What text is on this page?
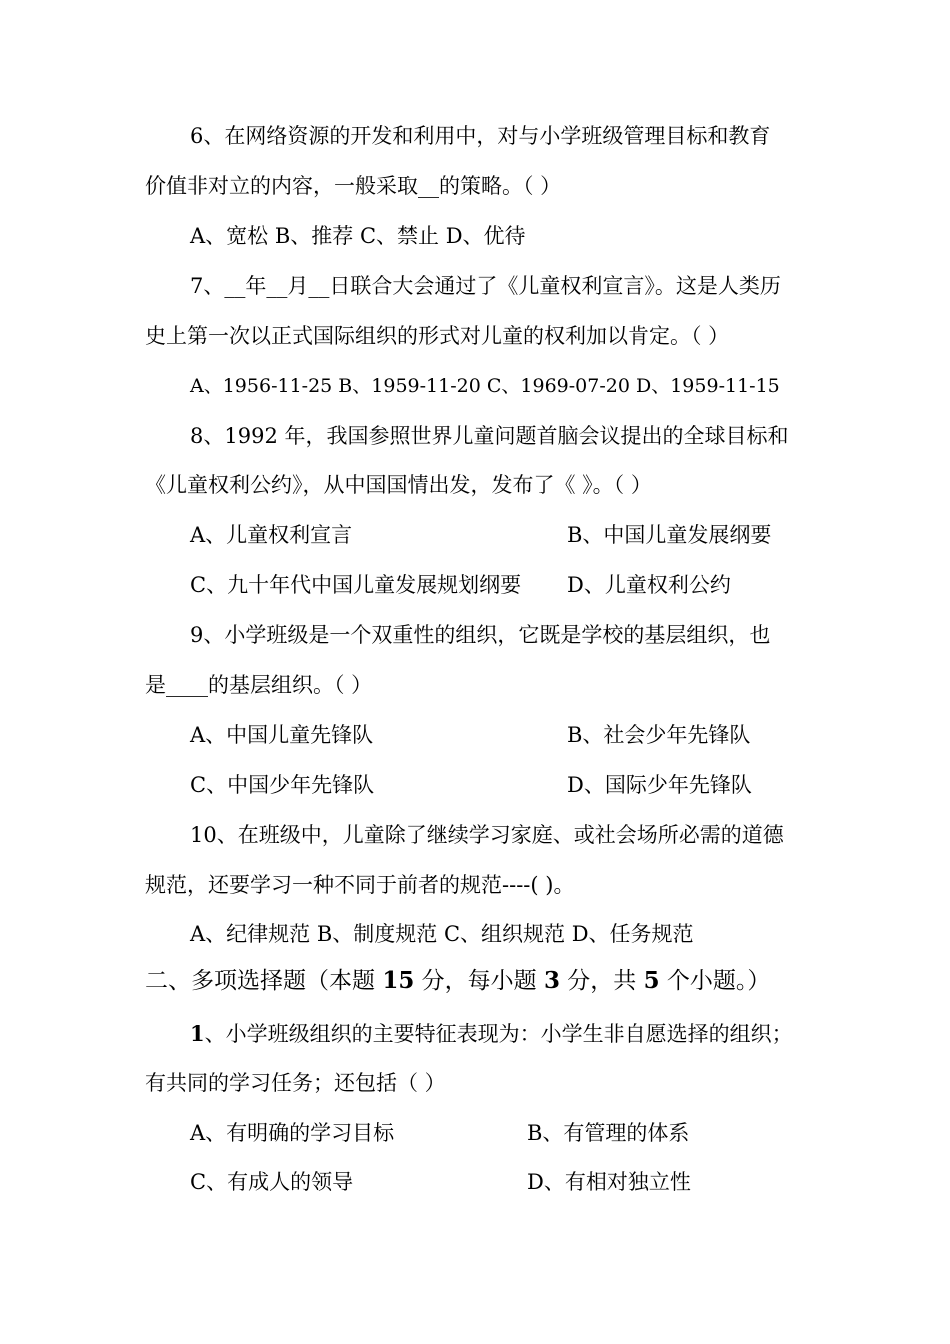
6、在网络资源的开发和利用中，对与小学班级管理目标和教育
价值非对立的内容，一般采取__的策略。（ ）
A、宽松 B、推荐 C、禁止 D、优待
7、__年__月__日联合大会通过了《儿童权利宣言》。这是人类历
史上第一次以正式国际组织的形式对儿童的权利加以肯定。（ ）
A、1956-11-25 B、1959-11-20 C、1969-07-20 D、1959-11-15
8、1992 年，我国参照世界儿童问题首脑会议提出的全球目标和
《儿童权利公约》，从中国国情出发，发布了《 》。（ ）
A、儿童权利宣言	B、中国儿童发展纲要
C、九十年代中国儿童发展规划纲要 D、儿童权利公约
9、小学班级是一个双重性的组织，它既是学校的基层组织，也
是____的基层组织。（ ）
A、中国儿童先锋队	B、社会少年先锋队
C、中国少年先锋队	D、国际少年先锋队
10、在班级中，儿童除了继续学习家庭、或社会场所必需的道德
规范，还要学习一种不同于前者的规范----( )。
A、纪律规范 B、制度规范 C、组织规范 D、任务规范
二、多项选择题（本题 15 分，每小题 3 分，共 5 个小题。）
1、小学班级组织的主要特征表现为：小学生非自愿选择的组织；
有共同的学习任务；还包括（ ）
A、有明确的学习目标	B、有管理的体系
C、有成人的领导	D、有相对独立性
